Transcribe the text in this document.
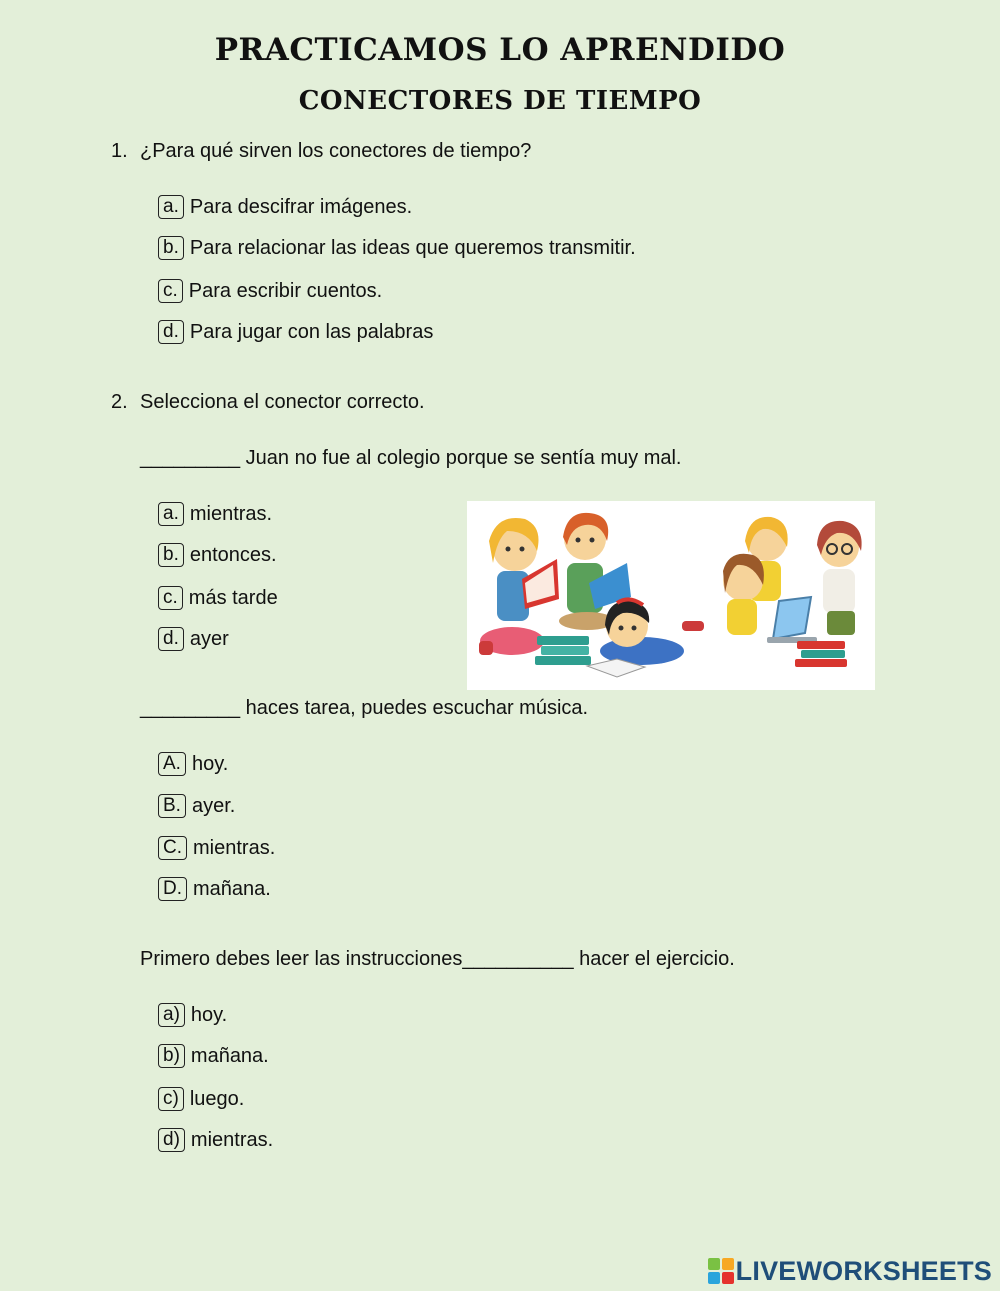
PRACTICAMOS LO APRENDIDO
CONECTORES DE TIEMPO
1. ¿Para qué sirven los conectores de tiempo?
a. Para descifrar imágenes.
b. Para relacionar las ideas que queremos transmitir.
c. Para escribir cuentos.
d. Para jugar con las palabras
2. Selecciona el conector correcto.
_________ Juan no fue al colegio porque se sentía muy mal.
a. mientras.
b. entonces.
c. más tarde
d. ayer
_________ haces tarea, puedes escuchar música.
A. hoy.
B. ayer.
C. mientras.
D. mañana.
Primero debes leer las instrucciones__________ hacer el ejercicio.
a) hoy.
b) mañana.
c) luego.
d) mientras.
LIVEWORKSHEETS
